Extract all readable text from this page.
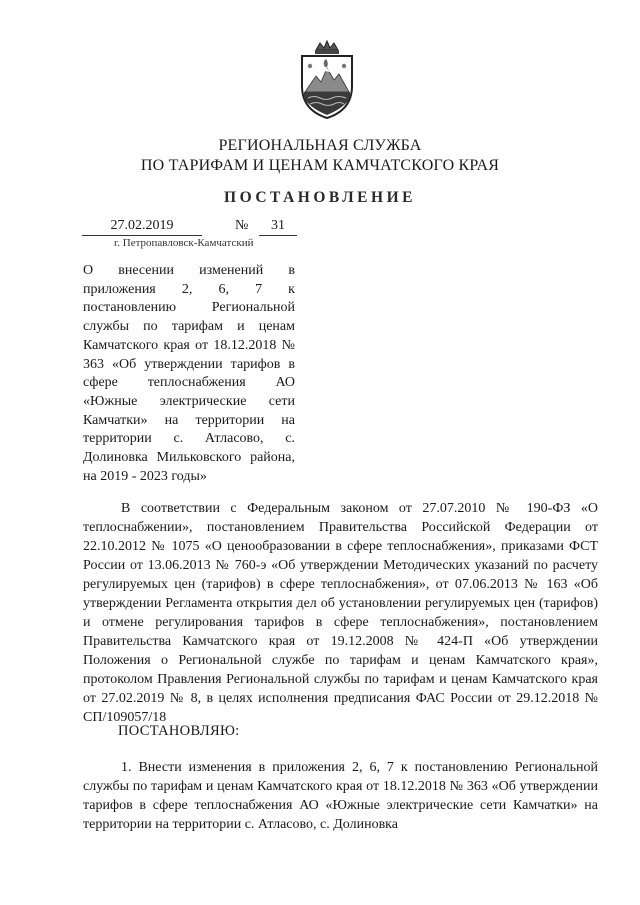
РЕГИОНАЛЬНАЯ СЛУЖБА
ПО ТАРИФАМ И ЦЕНАМ КАМЧАТСКОГО КРАЯ
ПОСТАНОВЛЕНИЕ
27.02.2019	№	31
г. Петропавловск-Камчатский
О внесении изменений в приложения 2, 6, 7 к постановлению Региональной службы по тарифам и ценам Камчатского края от 18.12.2018 № 363 «Об утверждении тарифов в сфере теплоснабжения АО «Южные электрические сети Камчатки» на территории на территории с. Атласово, с. Долиновка Мильковского района, на 2019 - 2023 годы»
В соответствии с Федеральным законом от 27.07.2010 № 190-ФЗ «О теплоснабжении», постановлением Правительства Российской Федерации от 22.10.2012 № 1075 «О ценообразовании в сфере теплоснабжения», приказами ФСТ России от 13.06.2013 № 760-э «Об утверждении Методических указаний по расчету регулируемых цен (тарифов) в сфере теплоснабжения», от 07.06.2013 № 163 «Об утверждении Регламента открытия дел об установлении регулируемых цен (тарифов) и отмене регулирования тарифов в сфере теплоснабжения», постановлением Правительства Камчатского края от 19.12.2008 № 424-П «Об утверждении Положения о Региональной службе по тарифам и ценам Камчатского края», протоколом Правления Региональной службы по тарифам и ценам Камчатского края от 27.02.2019 № 8, в целях исполнения предписания ФАС России от 29.12.2018 № СП/109057/18
ПОСТАНОВЛЯЮ:
1. Внести изменения в приложения 2, 6, 7 к постановлению Региональной службы по тарифам и ценам Камчатского края от 18.12.2018 № 363 «Об утверждении тарифов в сфере теплоснабжения АО «Южные электрические сети Камчатки» на территории на территории с. Атласово, с. Долиновка
